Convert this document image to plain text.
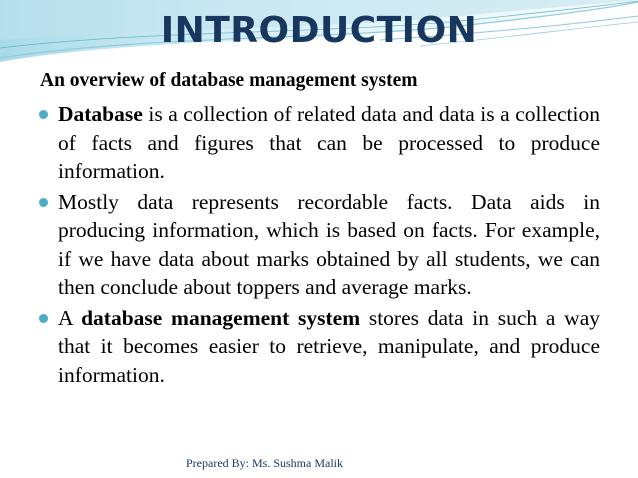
INTRODUCTION
An overview of database management system
Database is a collection of related data and data is a collection of facts and figures that can be processed to produce information.
Mostly data represents recordable facts. Data aids in producing information, which is based on facts. For example, if we have data about marks obtained by all students, we can then conclude about toppers and average marks.
A database management system stores data in such a way that it becomes easier to retrieve, manipulate, and produce information.
Prepared By: Ms. Sushma Malik
